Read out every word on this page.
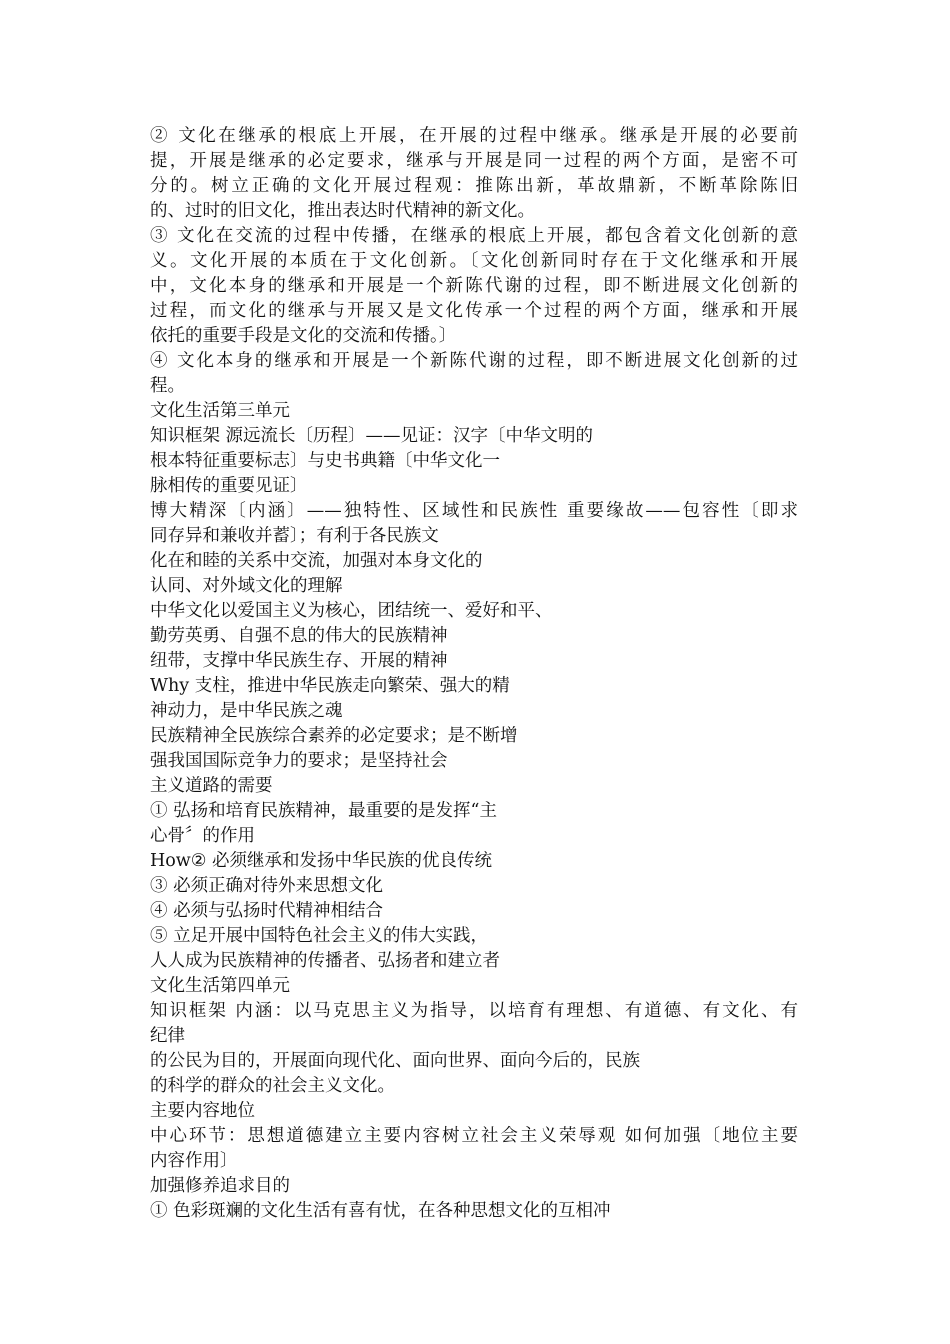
② 文化在继承的根底上开展，在开展的过程中继承。继承是开展的必要前
提，开展是继承的必定要求，继承与开展是同一过程的两个方面，是密不可
分的。树立正确的文化开展过程观：推陈出新，革故鼎新，不断革除陈旧
的、过时的旧文化，推出表达时代精神的新文化。
③ 文化在交流的过程中传播，在继承的根底上开展，都包含着文化创新的意
义。文化开展的本质在于文化创新。〔文化创新同时存在于文化继承和开展
中，文化本身的继承和开展是一个新陈代谢的过程，即不断进展文化创新的
过程，而文化的继承与开展又是文化传承一个过程的两个方面，继承和开展
依托的重要手段是文化的交流和传播。〕
④ 文化本身的继承和开展是一个新陈代谢的过程，即不断进展文化创新的过
程。
文化生活第三单元
知识框架 源远流长〔历程〕——见证：汉字〔中华文明的
根本特征重要标志〕与史书典籍〔中华文化一
脉相传的重要见证〕
博大精深〔内涵〕——独特性、区域性和民族性 重要缘故——包容性〔即求
同存异和兼收并蓄〕；有利于各民族文
化在和睦的关系中交流，加强对本身文化的
认同、对外域文化的理解
中华文化以爱国主义为核心，团结统一、爱好和平、
勤劳英勇、自强不息的伟大的民族精神
纽带，支撑中华民族生存、开展的精神
Why 支柱，推进中华民族走向繁荣、强大的精
神动力，是中华民族之魂
民族精神全民族综合素养的必定要求；是不断增
强我国国际竞争力的要求；是坚持社会
主义道路的需要
① 弘扬和培育民族精神，最重要的是发挥“主
心骨〞的作用
How② 必须继承和发扬中华民族的优良传统
③ 必须正确对待外来思想文化
④ 必须与弘扬时代精神相结合
⑤ 立足开展中国特色社会主义的伟大实践，
人人成为民族精神的传播者、弘扬者和建立者
文化生活第四单元
知识框架 内涵：以马克思主义为指导，以培育有理想、有道德、有文化、有
纪律
的公民为目的，开展面向现代化、面向世界、面向今后的，民族
的科学的群众的社会主义文化。
主要内容地位
中心环节：思想道德建立主要内容树立社会主义荣辱观 如何加强〔地位主要
内容作用〕
加强修养追求目的
① 色彩斑斓的文化生活有喜有忧，在各种思想文化的互相冲
